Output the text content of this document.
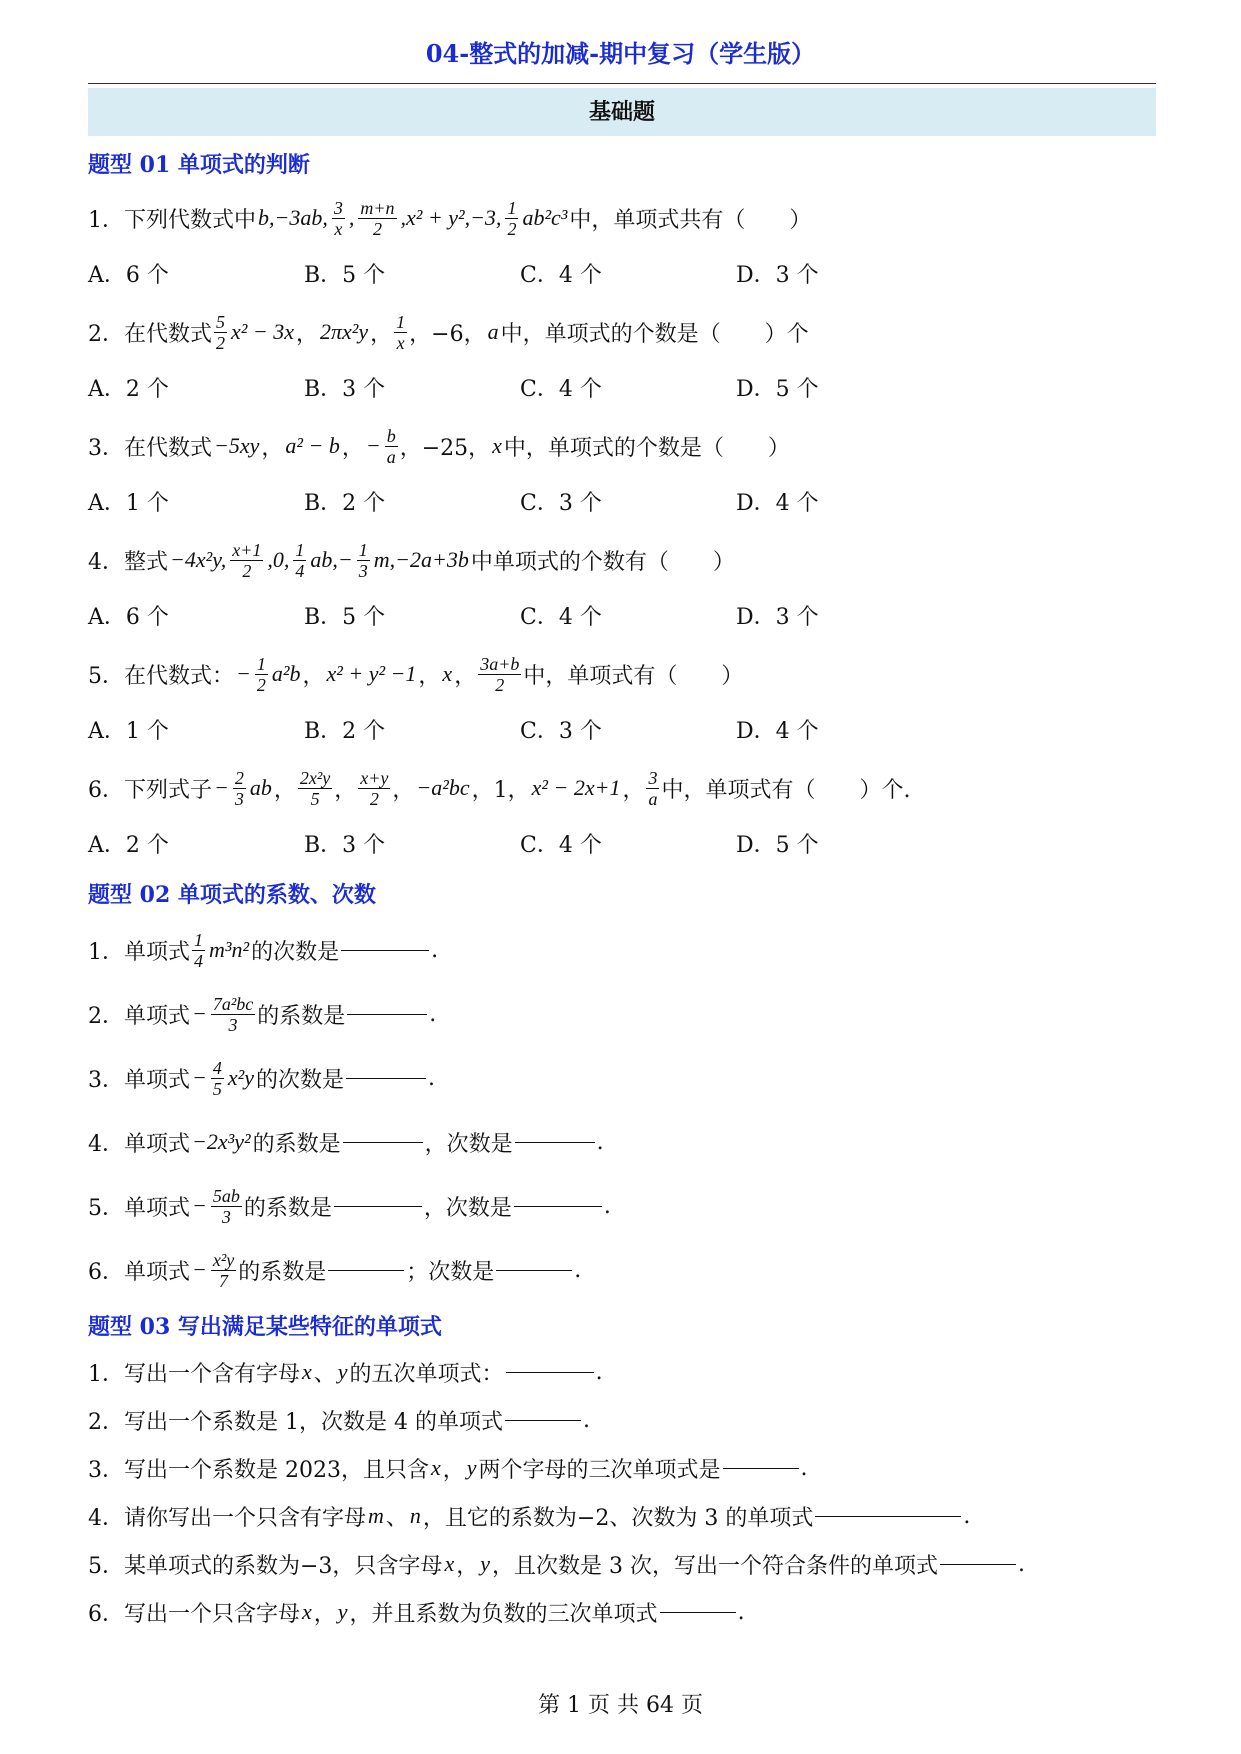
04-整式的加减-期中复习（学生版）
基础题
题型 01 单项式的判断
1．下列代数式中 b,−3ab, $\frac{3}{x}$ , $\frac{m+n}{2} ,x^2 + y^2,-3$, $\frac{1}{2} ab^2c^3$ 中，单项式共有（　　）
A．6 个	B．5 个	C．4 个	D．3 个
2．在代数式 $\frac{5}{2} x^2 - 3x$ ， 2πx²y ， $\frac{1}{x}$ ，−6， a 中，单项式的个数是（　　）个
A．2 个	B．3 个	C．4 个	D．5 个
3．在代数式 −5xy ， a² − b ， − $\frac{b}{a}$ ，−25， x 中，单项式的个数是（　　）
A．1 个	B．2 个	C．3 个	D．4 个
4．整式 −4x²y, $\frac{x+1}{2} ,0$, $\frac{1}{4} ab,- \frac{1}{3} m,-2a+3b$ 中单项式的个数有（　　）
A．6 个	B．5 个	C．4 个	D．3 个
5．在代数式： − $\frac{1}{2} a^2b$ ， x² + y² −1 ， x ， $\frac{3a+b}{2}$ 中，单项式有（　　）
A．1 个	B．2 个	C．3 个	D．4 个
6．下列式子 − $\frac{2}{3}$ ab ， $\frac{\text{2x²y}}{5}$ ， $\frac{x+y}{2}$ ， −a²bc ，1， x² − 2x+1 ， $\frac{3}{a}$ 中，单项式有（　　）个.
A．2 个	B．3 个	C．4 个	D．5 个
题型 02 单项式的系数、次数
1．单项式 $\frac{1}{4} m^3n^2$ 的次数是	.
2．单项式 − $\frac{\text{7a²bc}}{3}$ 的系数是	.
3．单项式 − $\frac{4}{5} x^2y$ 的次数是	.
4．单项式 −2x³y² 的系数是	，次数是	.
5．单项式 − $\frac{5ab}{3}$ 的系数是	，次数是	.
6．单项式 − $\frac{\text{x²y}}{7}$ 的系数是	；次数是	.
题型 03 写出满足某些特征的单项式
1．写出一个含有字母 x 、 y 的五次单项式：	.
2．写出一个系数是 1，次数是 4 的单项式	.
3．写出一个系数是 2023，且只含 x ， y 两个字母的三次单项式是	.
4．请你写出一个只含有字母 m 、 n ，且它的系数为−2、次数为 3 的单项式	.
5．某单项式的系数为−3，只含字母 x ， y ，且次数是 3 次，写出一个符合条件的单项式	.
6．写出一个只含字母 x ， y ，并且系数为负数的三次单项式	.
第 1 页 共 64 页
